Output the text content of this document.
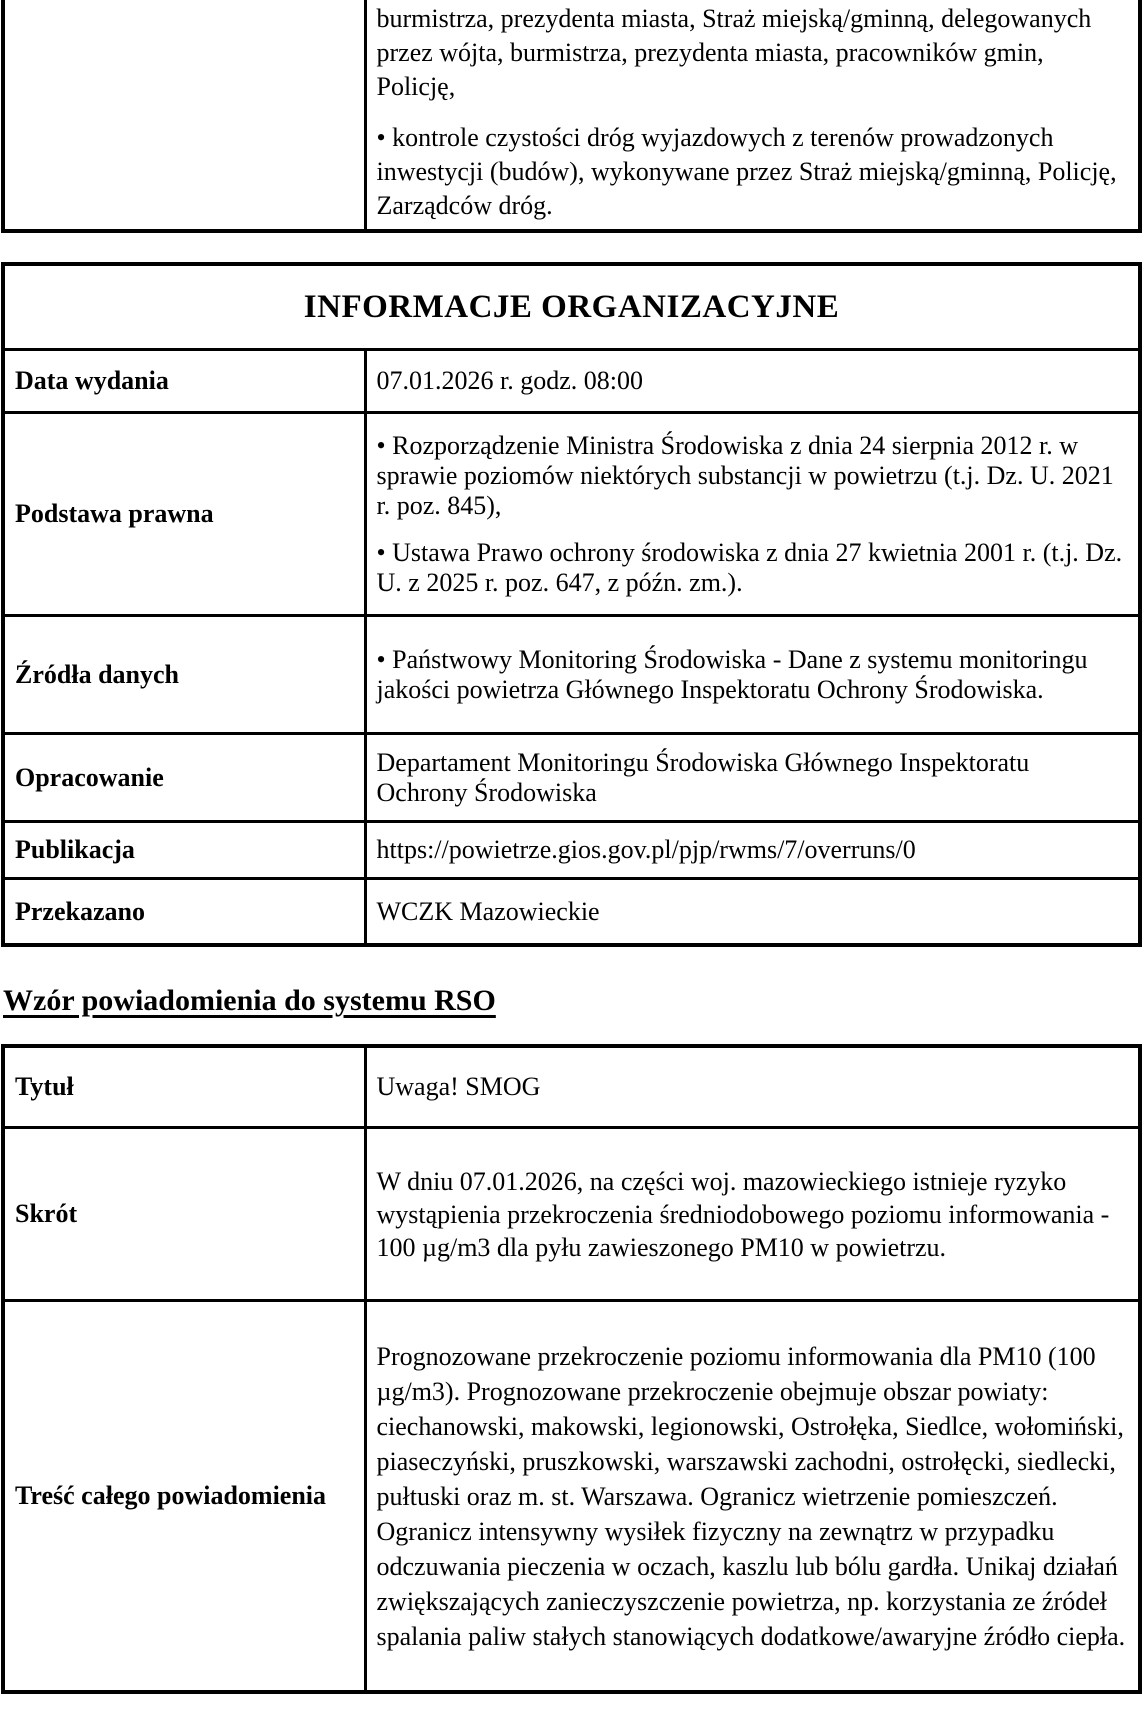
burmistrza, prezydenta miasta, Straż miejską/gminną, delegowanych przez wójta, burmistrza, prezydenta miasta, pracowników gmin, Policję,

• kontrole czystości dróg wyjazdowych z terenów prowadzonych inwestycji (budów), wykonywane przez Straż miejską/gminną, Policję, Zarządców dróg.

INFORMACJE ORGANIZACYJNE	
Data wydania	07.01.2026 r. godz. 08:00
Podstawa prawna	• Rozporządzenie Ministra Środowiska z dnia 24 sierpnia 2012 r. w sprawie poziomów niektórych substancji w powietrzu (t.j. Dz. U. 2021 r. poz. 845),

• Ustawa Prawo ochrony środowiska z dnia 27 kwietnia 2001 r. (t.j. Dz. U. z 2025 r. poz. 647, z późn. zm.).

Źródła danych	• Państwowy Monitoring Środowiska - Dane z systemu monitoringu jakości powietrza Głównego Inspektoratu Ochrony Środowiska.

Opracowanie	Departament Monitoringu Środowiska Głównego Inspektoratu Ochrony Środowiska
Publikacja	https://powietrze.gios.gov.pl/pjp/rwms/7/overruns/0
Przekazano	WCZK Mazowieckie
Wzór powiadomienia do systemu RSO
Tytuł	Uwaga! SMOG
Skrót	W dniu 07.01.2026, na części woj. mazowieckiego istnieje ryzyko wystąpienia przekroczenia średniodobowego poziomu informowania - 100 µg/m3 dla pyłu zawieszonego PM10 w powietrzu.
Treść całego powiadomienia	Prognozowane przekroczenie poziomu informowania dla PM10 (100 µg/m3). Prognozowane przekroczenie obejmuje obszar powiaty: ciechanowski, makowski, legionowski, Ostrołęka, Siedlce, wołomiński, piaseczyński, pruszkowski, warszawski zachodni, ostrołęcki, siedlecki, pułtuski oraz m. st. Warszawa. Ogranicz wietrzenie pomieszczeń. Ogranicz intensywny wysiłek fizyczny na zewnątrz w przypadku odczuwania pieczenia w oczach, kaszlu lub bólu gardła. Unikaj działań zwiększających zanieczyszczenie powietrza, np. korzystania ze źródeł spalania paliw stałych stanowiących dodatkowe/awaryjne źródło ciepła.
